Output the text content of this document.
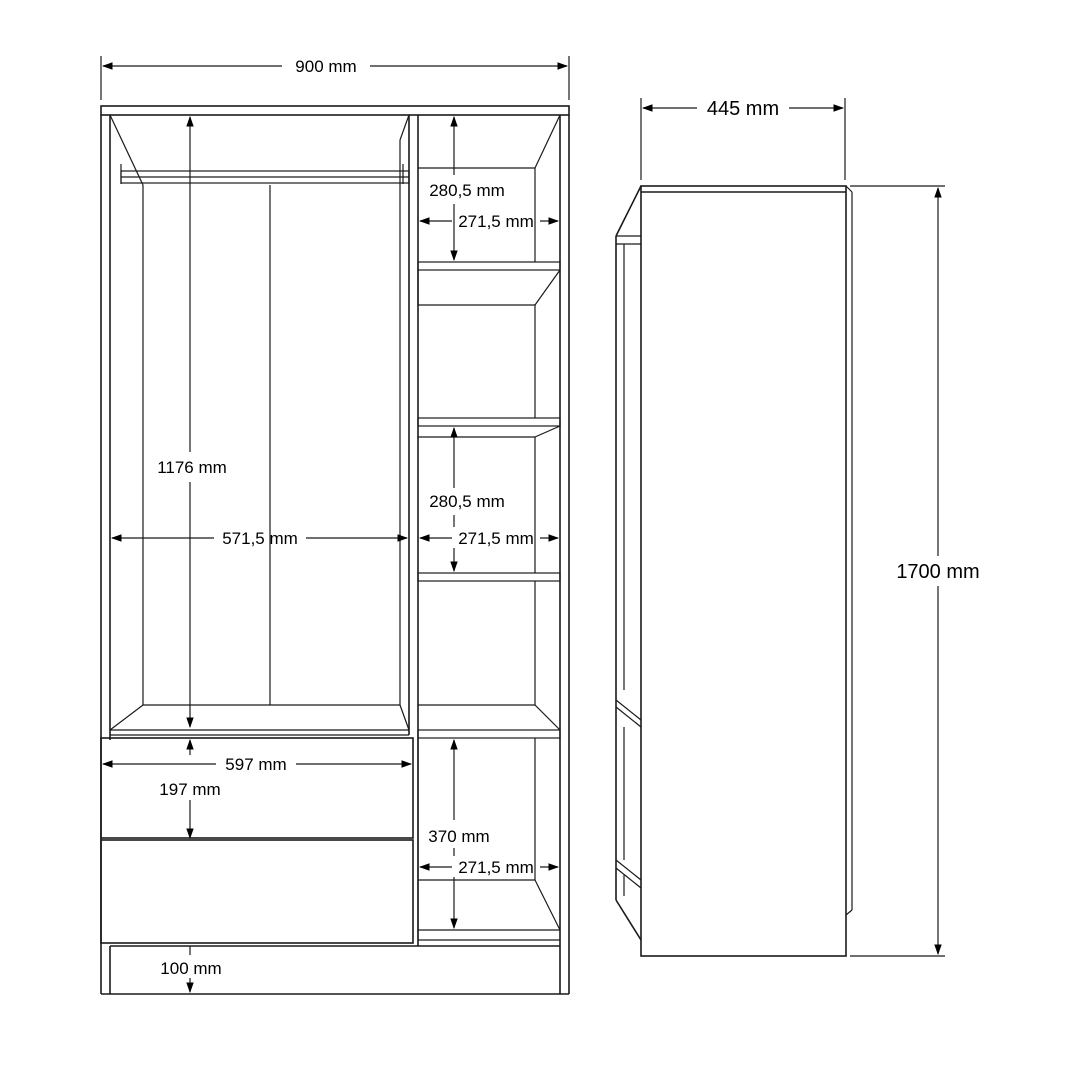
900 mm
445 mm
1700 mm
1176 mm
571,5 mm
597 mm
197 mm
100 mm
280,5 mm
271,5 mm
280,5 mm
271,5 mm
370 mm
271,5 mm
